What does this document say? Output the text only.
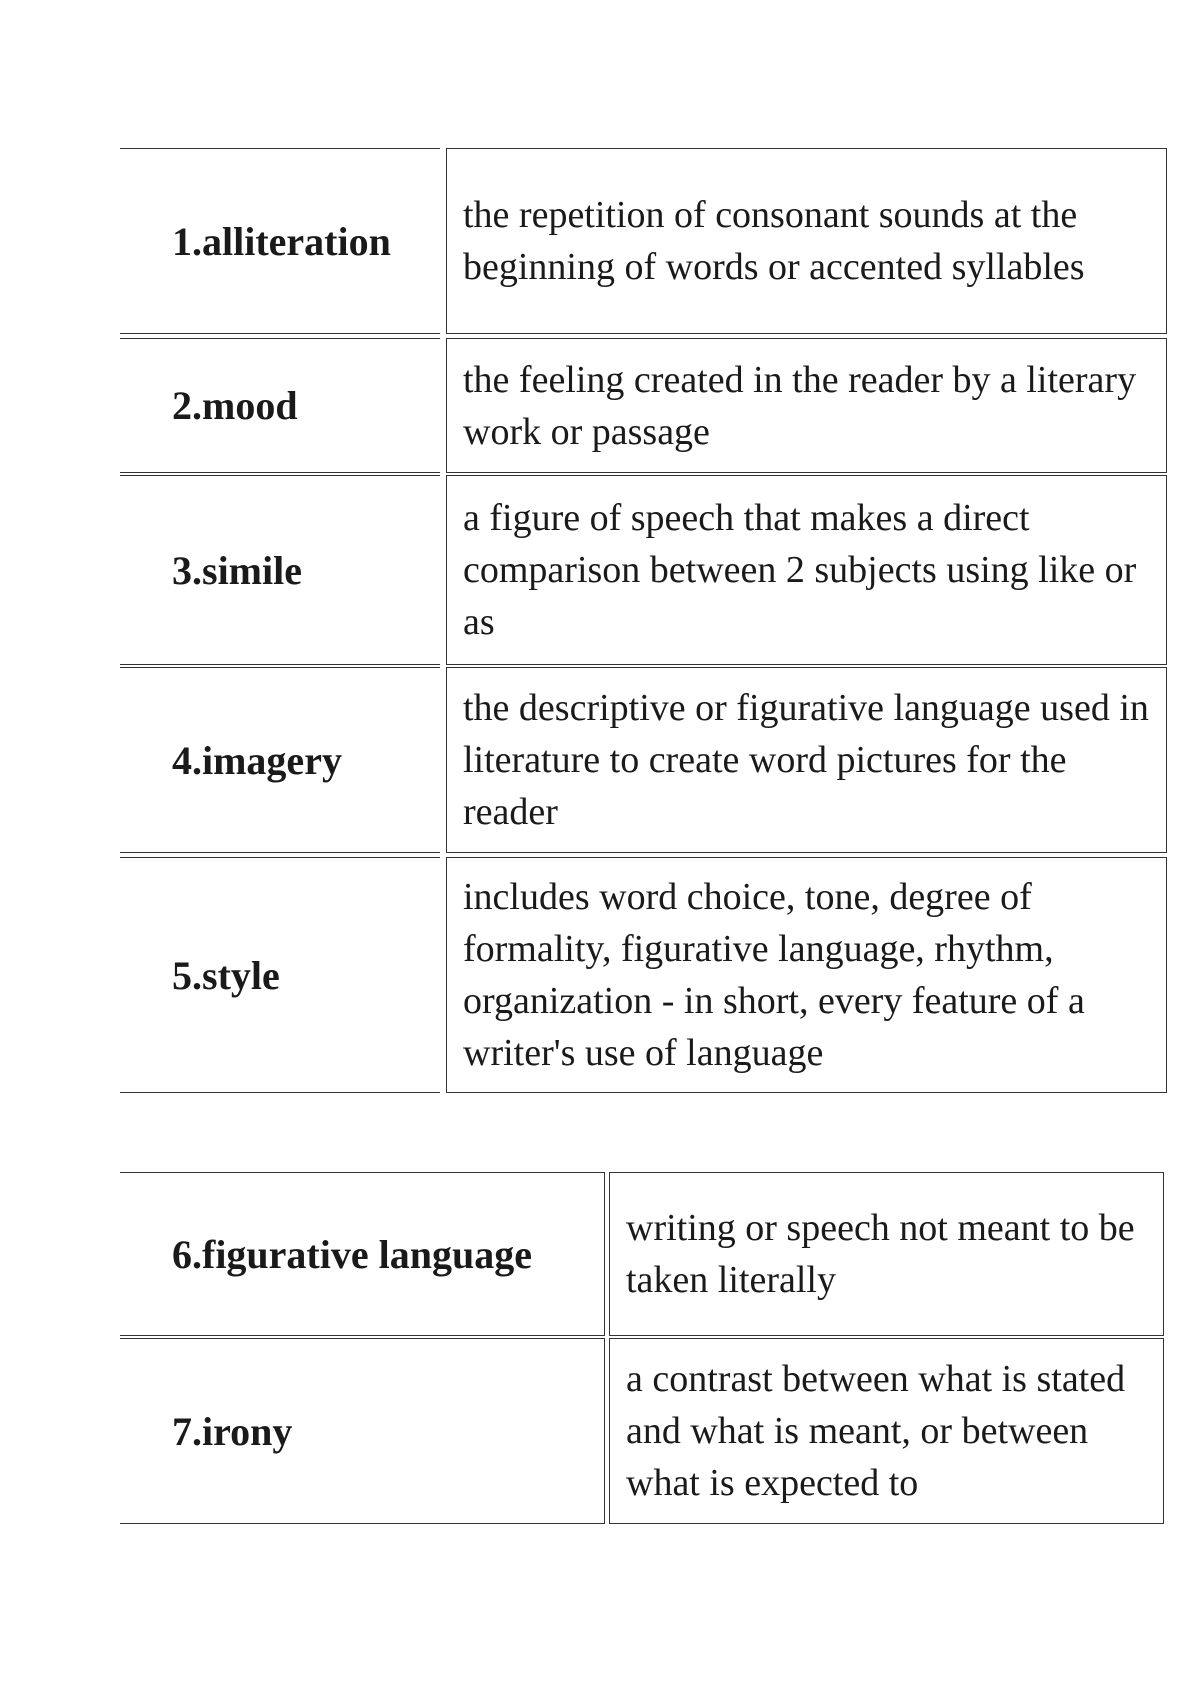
1.alliteration
the repetition of consonant sounds at the beginning of words or accented syllables
2.mood
the feeling created in the reader by a literary work or passage
3.simile
a figure of speech that makes a direct comparison between 2 subjects using like or as
4.imagery
the descriptive or figurative language used in literature to create word pictures for the reader
5.style
includes word choice, tone, degree of formality, figurative language, rhythm, organization - in short, every feature of a writer's use of language
6.figurative language
writing or speech not meant to be taken literally
7.irony
a contrast between what is stated and what is meant, or between what is expected to
